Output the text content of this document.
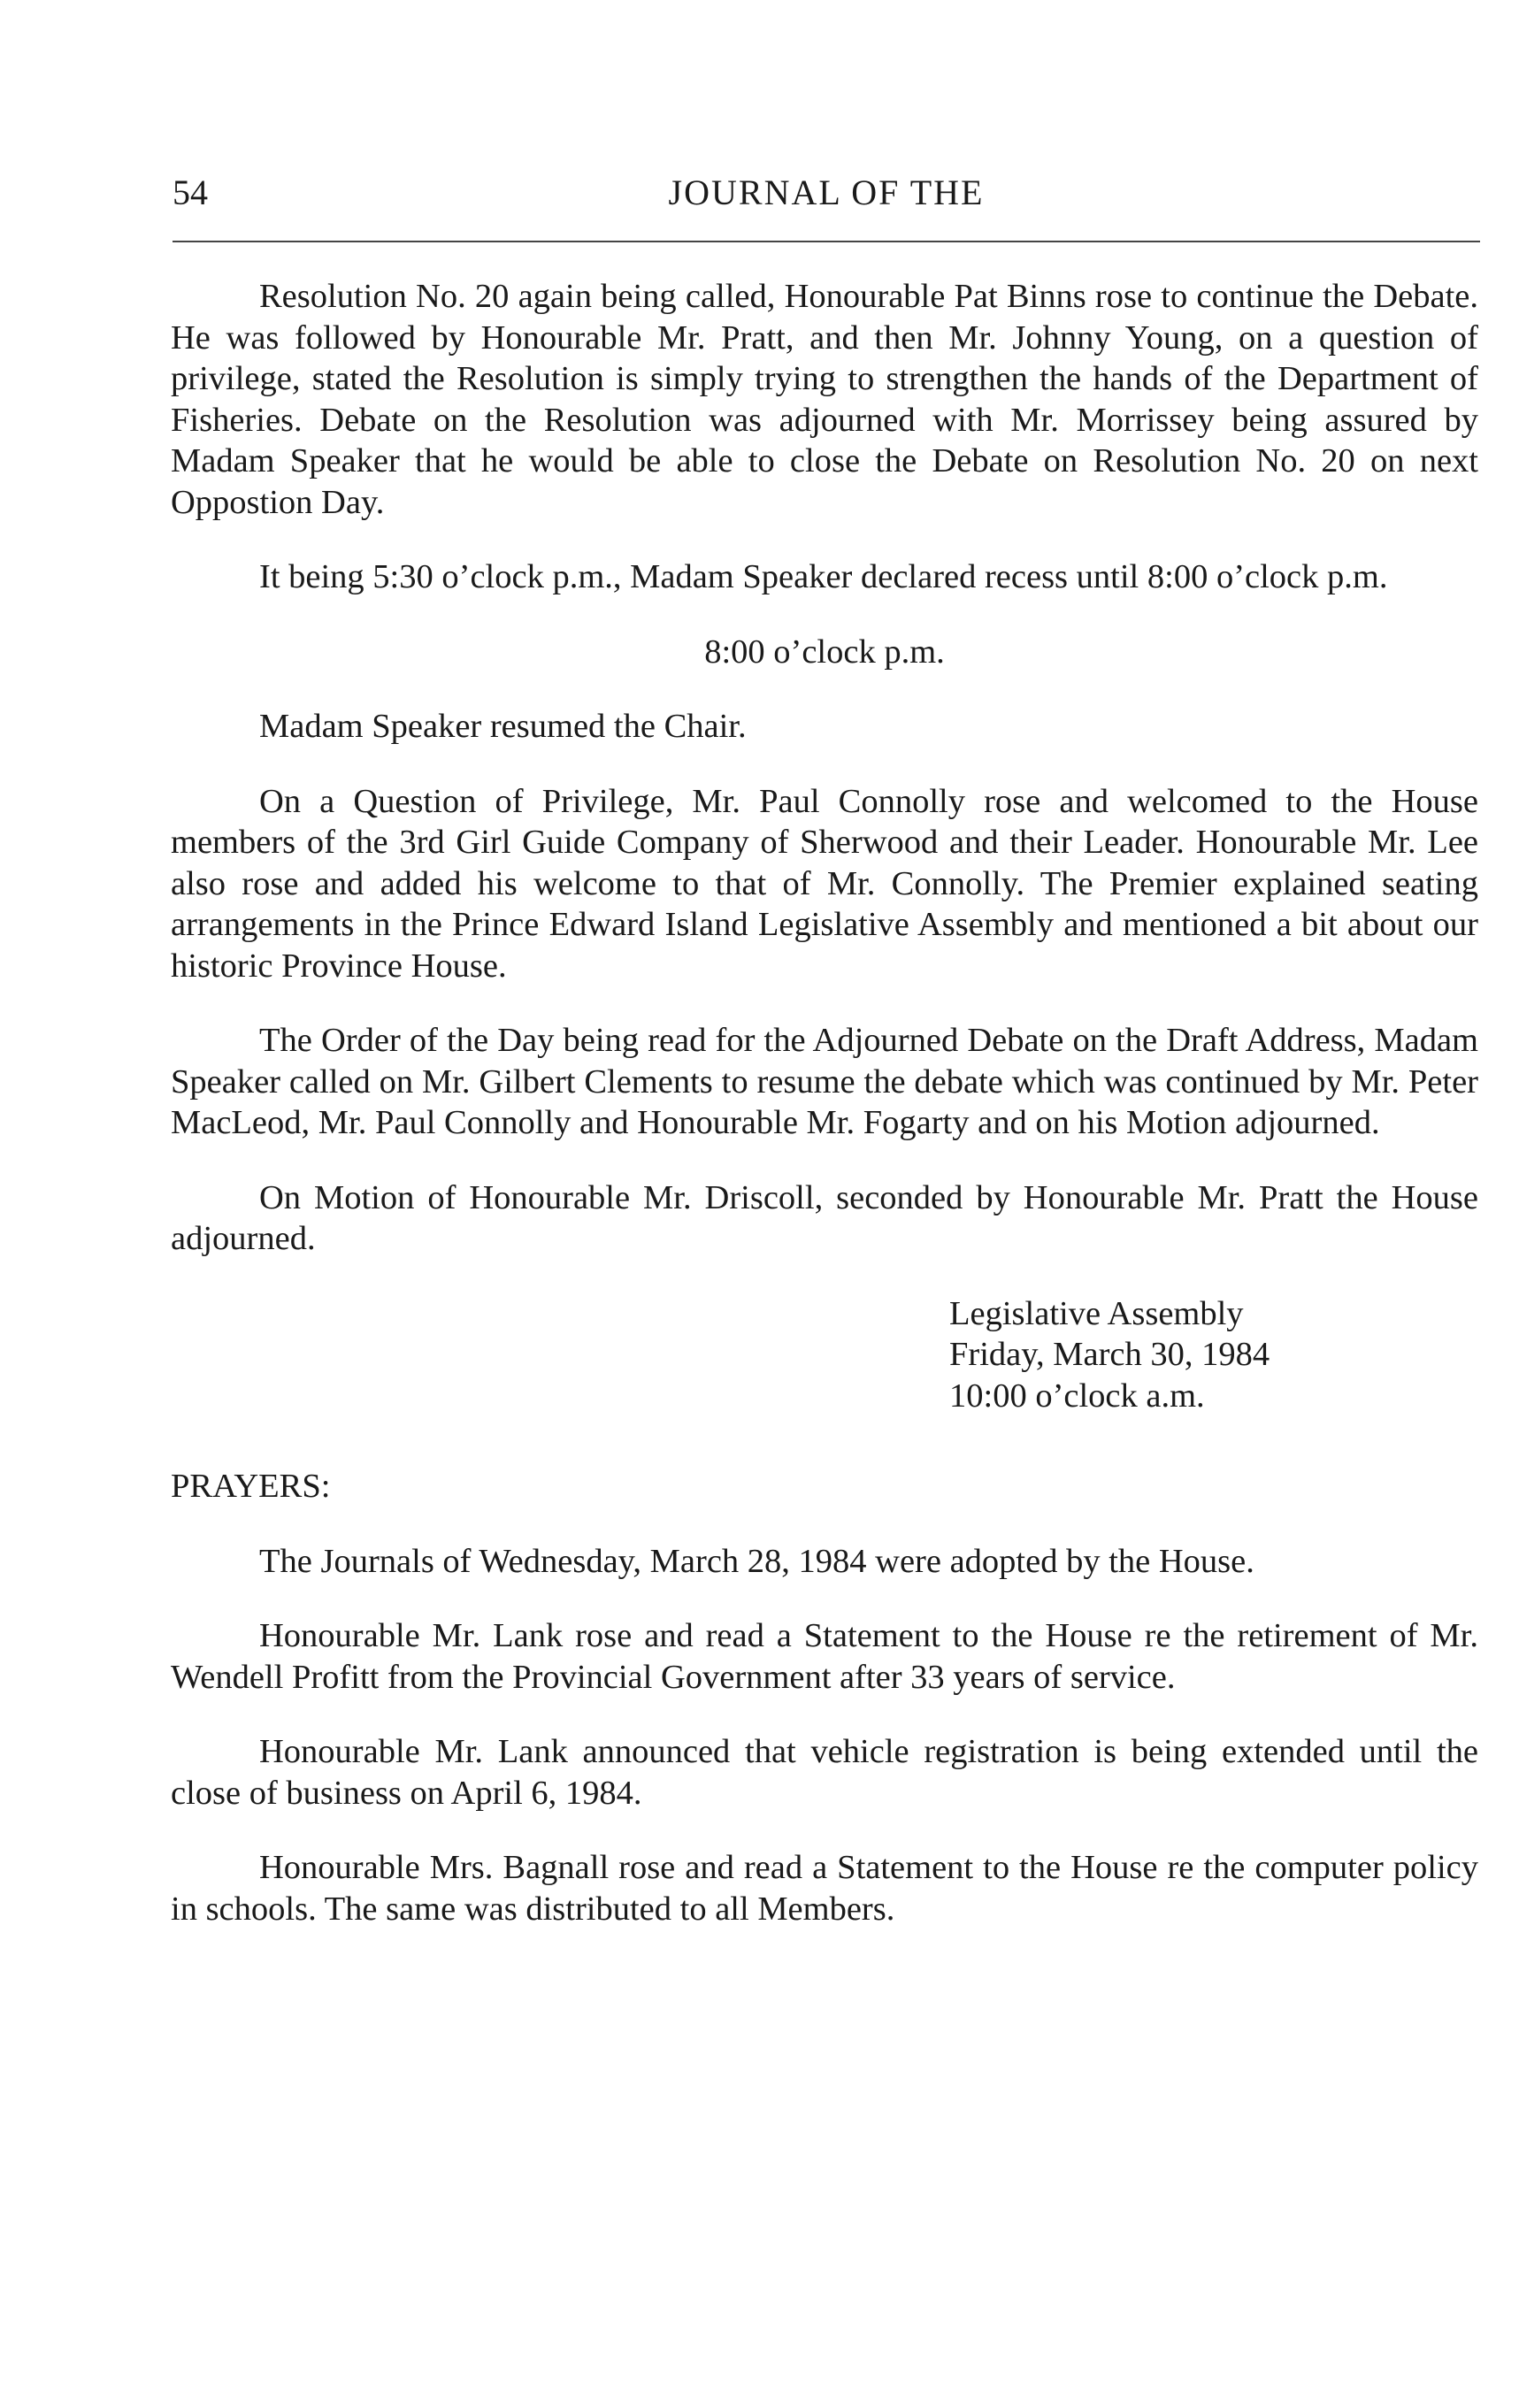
54	JOURNAL OF THE

Resolution No. 20 again being called, Honourable Pat Binns rose to continue the Debate. He was followed by Honourable Mr. Pratt, and then Mr. Johnny Young, on a question of privilege, stated the Resolution is simply trying to strengthen the hands of the Department of Fisheries. Debate on the Resolution was adjourned with Mr. Morrissey being assured by Madam Speaker that he would be able to close the Debate on Resolution No. 20 on next Oppostion Day.

It being 5:30 o’clock p.m., Madam Speaker declared recess until 8:00 o’clock p.m.

8:00 o’clock p.m.

Madam Speaker resumed the Chair.

On a Question of Privilege, Mr. Paul Connolly rose and welcomed to the House members of the 3rd Girl Guide Company of Sherwood and their Leader. Honourable Mr. Lee also rose and added his welcome to that of Mr. Connolly. The Premier explained seating arrangements in the Prince Edward Island Legislative Assembly and mentioned a bit about our historic Province House.

The Order of the Day being read for the Adjourned Debate on the Draft Address, Madam Speaker called on Mr. Gilbert Clements to resume the debate which was continued by Mr. Peter MacLeod, Mr. Paul Connolly and Honourable Mr. Fogarty and on his Motion adjourned.

On Motion of Honourable Mr. Driscoll, seconded by Honourable Mr. Pratt the House adjourned.

Legislative Assembly
Friday, March 30, 1984
10:00 o’clock a.m.

PRAYERS:

The Journals of Wednesday, March 28, 1984 were adopted by the House.

Honourable Mr. Lank rose and read a Statement to the House re the retirement of Mr. Wendell Profitt from the Provincial Government after 33 years of service.

Honourable Mr. Lank announced that vehicle registration is being extended until the close of business on April 6, 1984.

Honourable Mrs. Bagnall rose and read a Statement to the House re the computer policy in schools. The same was distributed to all Members.
